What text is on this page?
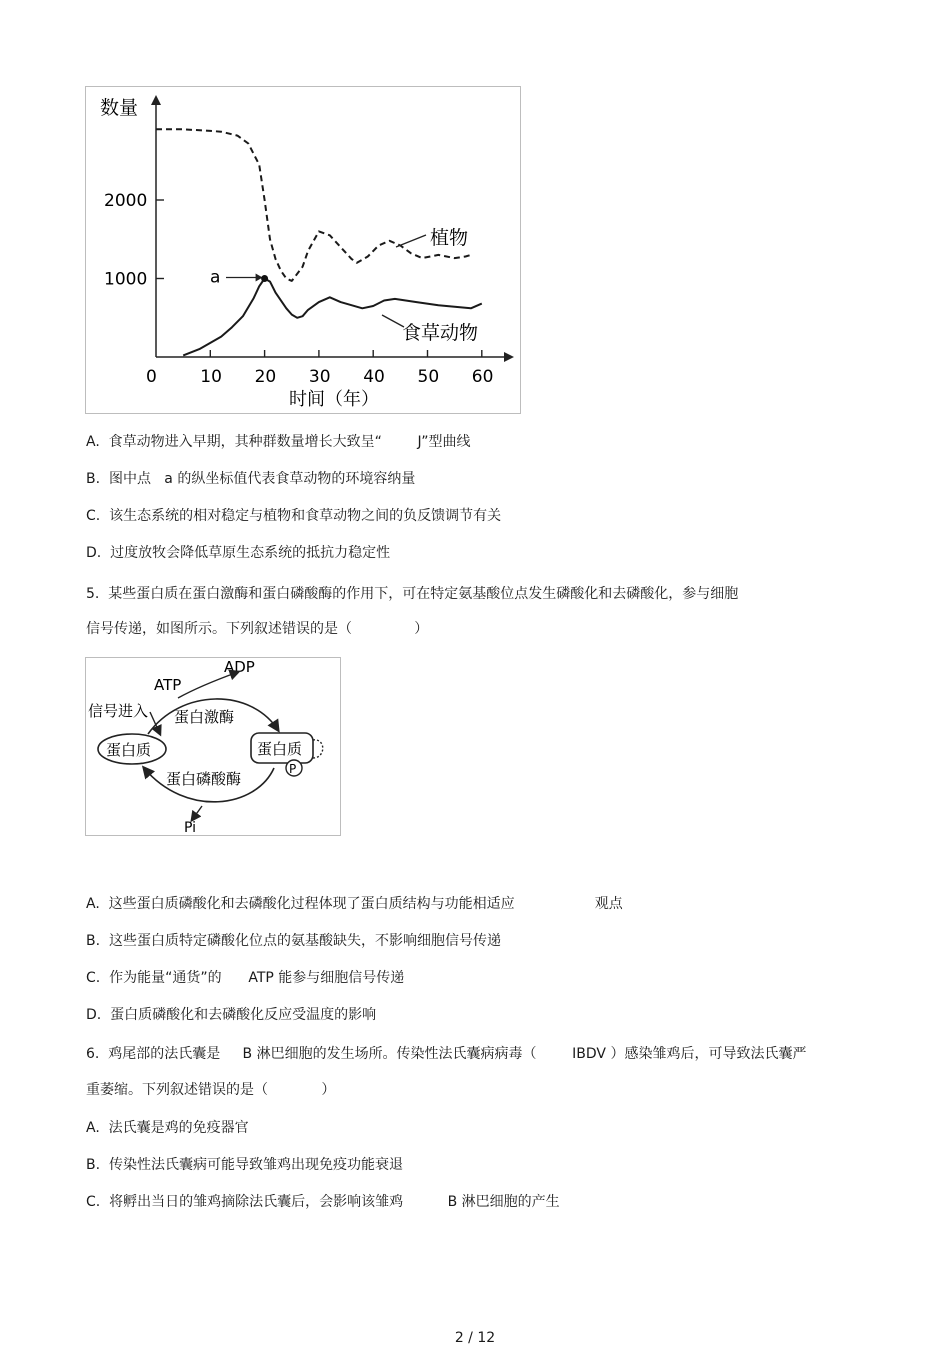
数量
时间（年）
2000
1000
0	10 20 30 40 50 60
a
植物
食草动物
A.  食草动物进入早期，其种群数量增长大致呈“        J”型曲线
B.  图中点   a 的纵坐标值代表食草动物的环境容纳量
C.  该生态系统的相对稳定与植物和食草动物之间的负反馈调节有关
D.  过度放牧会降低草原生态系统的抵抗力稳定性
5.  某些蛋白质在蛋白激酶和蛋白磷酸酶的作用下，可在特定氨基酸位点发生磷酸化和去磷酸化，参与细胞
信号传递，如图所示。下列叙述错误的是（              ）
ADP
ATP
信号进入 蛋白激酶
蛋白质	蛋白质
P
蛋白磷酸酶
Pi
A.  这些蛋白质磷酸化和去磷酸化过程体现了蛋白质结构与功能相适应                  观点
B.  这些蛋白质特定磷酸化位点的氨基酸缺失，不影响细胞信号传递
C.  作为能量“通货”的      ATP 能参与细胞信号传递
D.  蛋白质磷酸化和去磷酸化反应受温度的影响
6.  鸡尾部的法氏囊是     B 淋巴细胞的发生场所。传染性法氏囊病病毒（        IBDV ）感染雏鸡后，可导致法氏囊严
重萎缩。下列叙述错误的是（            ）
A.  法氏囊是鸡的免疫器官
B.  传染性法氏囊病可能导致雏鸡出现免疫功能衰退
C.  将孵出当日的雏鸡摘除法氏囊后，会影响该雏鸡          B 淋巴细胞的产生
2 / 12
